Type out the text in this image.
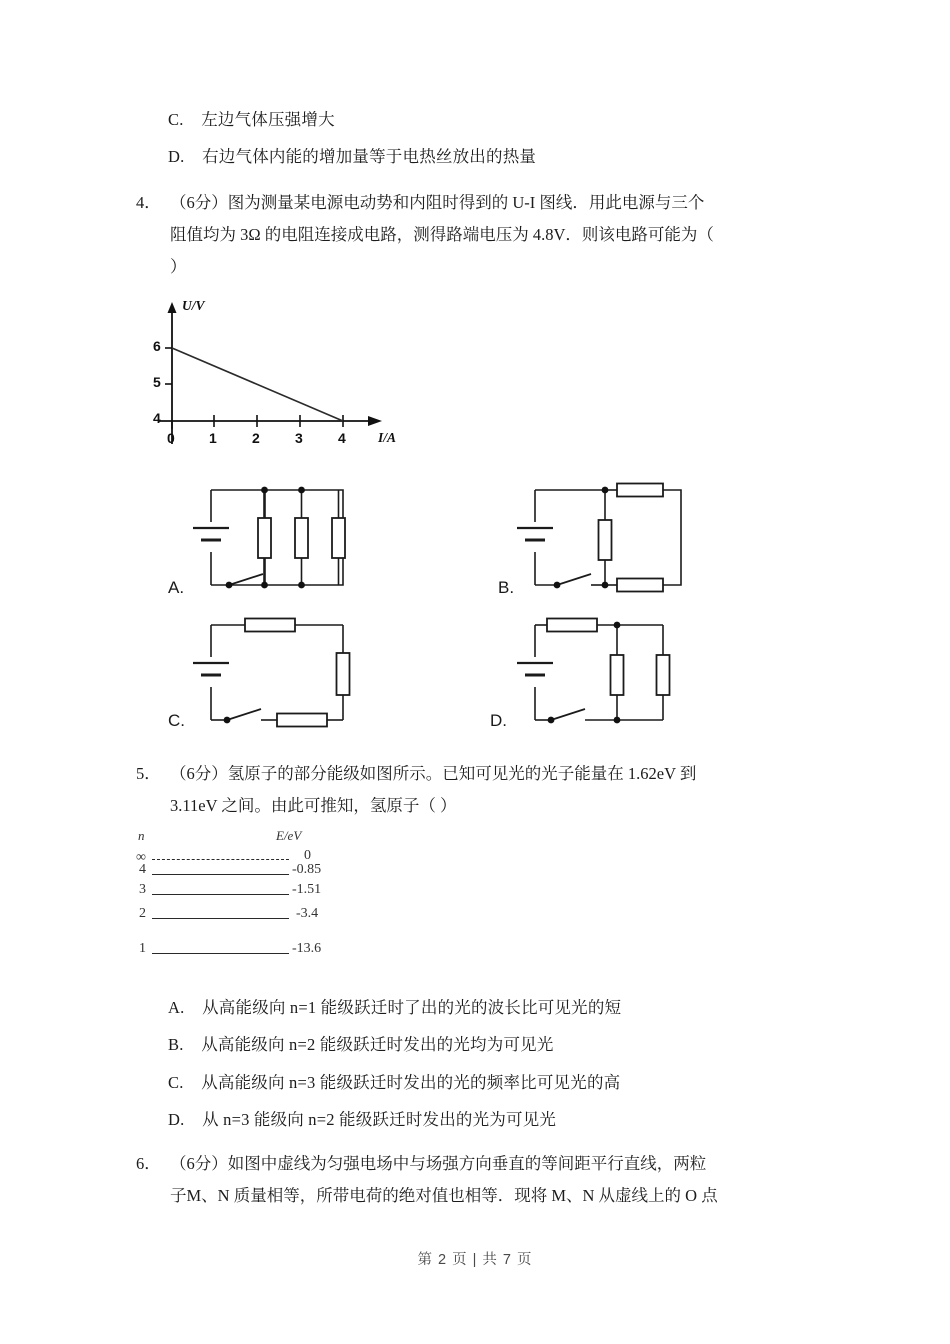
C. 左边气体压强增大
D. 右边气体内能的增加量等于电热丝放出的热量
4． （6分）图为测量某电源电动势和内阻时得到的 U‑I 图线．用此电源与三个
阻值均为 3Ω 的电阻连接成电路，测得路端电压为 4.8V．则该电路可能为（
）
U/V
I/A
6
5
4
0 1	2	3	4
A.	B.
C.	D.
5． （6分）氢原子的部分能级如图所示。已知可见光的光子能量在 1.62eV 到
3.11eV 之间。由此可推知，氢原子（ ）
n	E/eV
∞	0
4	-0.85
3	-1.51
2	-3.4
1	-13.6
A. 从高能级向 n=1 能级跃迁时了出的光的波长比可见光的短
B. 从高能级向 n=2 能级跃迁时发出的光均为可见光
C. 从高能级向 n=3 能级跃迁时发出的光的频率比可见光的高
D. 从 n=3 能级向 n=2 能级跃迁时发出的光为可见光
6． （6分）如图中虚线为匀强电场中与场强方向垂直的等间距平行直线，两粒
子M、N 质量相等，所带电荷的绝对值也相等．现将 M、N 从虚线上的 O 点
第 2 页 | 共 7 页
